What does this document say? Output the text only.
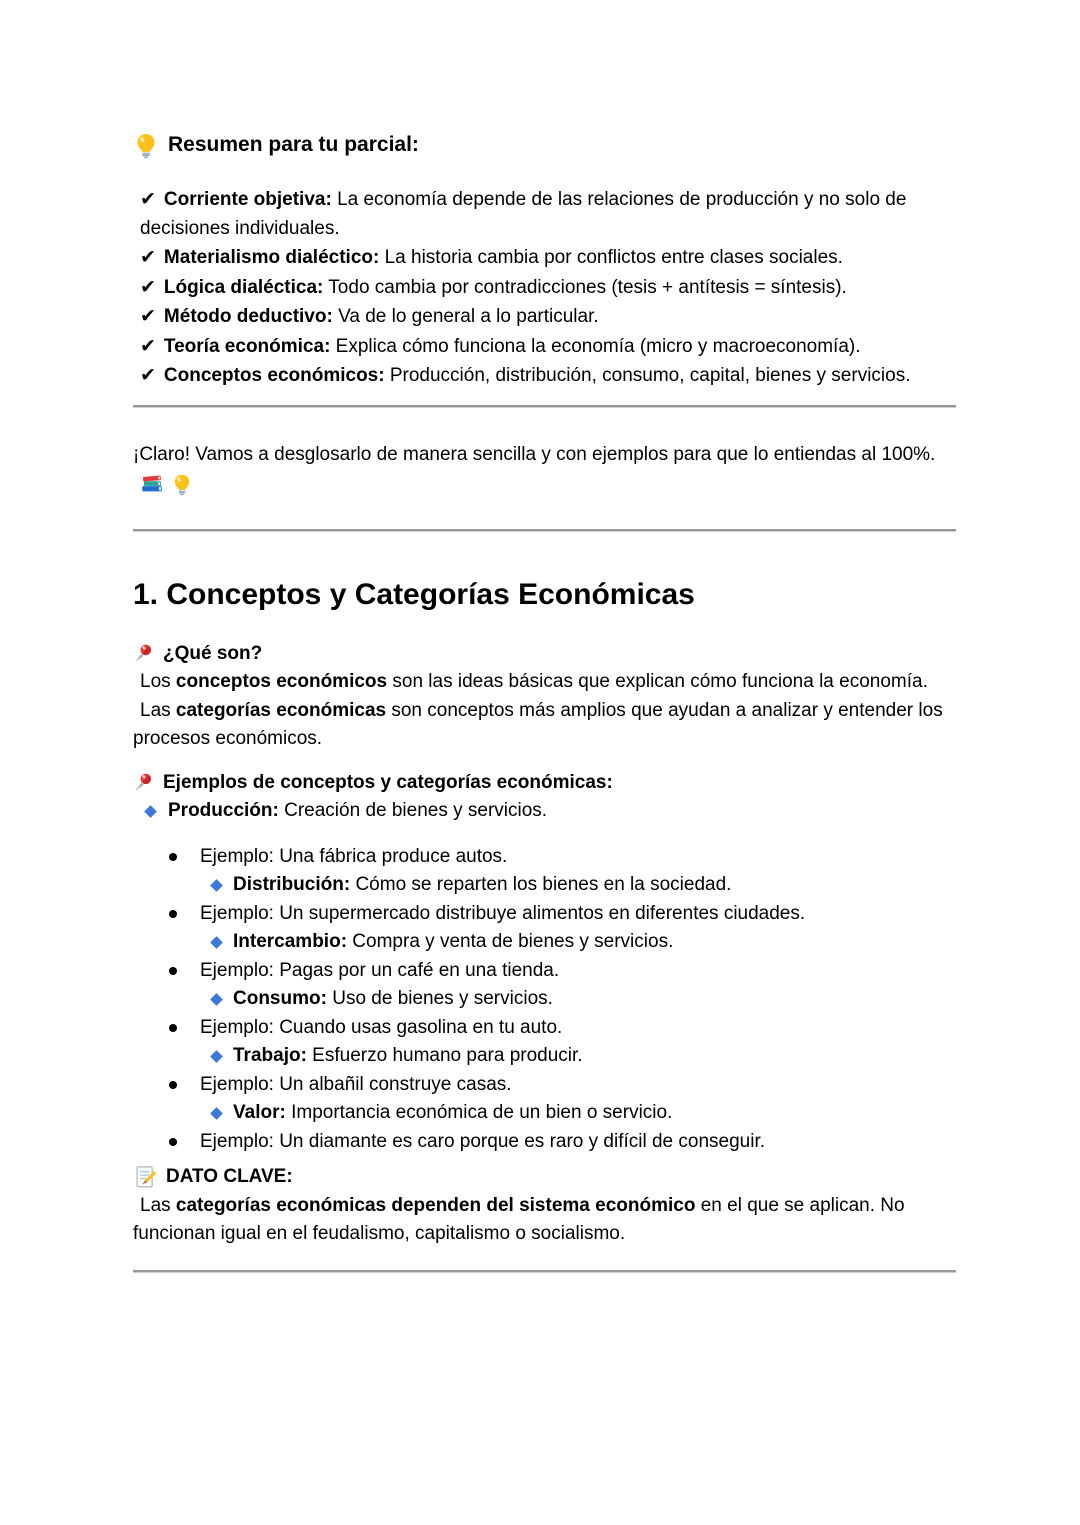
Resumen para tu parcial:
✔ Corriente objetiva: La economía depende de las relaciones de producción y no solo de decisiones individuales.
✔ Materialismo dialéctico: La historia cambia por conflictos entre clases sociales.
✔ Lógica dialéctica: Todo cambia por contradicciones (tesis + antítesis = síntesis).
✔ Método deductivo: Va de lo general a lo particular.
✔ Teoría económica: Explica cómo funciona la economía (micro y macroeconomía).
✔ Conceptos económicos: Producción, distribución, consumo, capital, bienes y servicios.

¡Claro! Vamos a desglosarlo de manera sencilla y con ejemplos para que lo entiendas al 100%.

1. Conceptos y Categorías Económicas
¿Qué son?

Los conceptos económicos son las ideas básicas que explican cómo funciona la economía.

Las categorías económicas son conceptos más amplios que ayudan a analizar y entender los procesos económicos.

Ejemplos de conceptos y categorías económicas:
Producción: Creación de bienes y servicios.
Ejemplo: Una fábrica produce autos.
Distribución: Cómo se reparten los bienes en la sociedad.
Ejemplo: Un supermercado distribuye alimentos en diferentes ciudades.
Intercambio: Compra y venta de bienes y servicios.
Ejemplo: Pagas por un café en una tienda.
Consumo: Uso de bienes y servicios.
Ejemplo: Cuando usas gasolina en tu auto.
Trabajo: Esfuerzo humano para producir.
Ejemplo: Un albañil construye casas.
Valor: Importancia económica de un bien o servicio.
Ejemplo: Un diamante es caro porque es raro y difícil de conseguir.
DATO CLAVE:

Las categorías económicas dependen del sistema económico en el que se aplican. No funcionan igual en el feudalismo, capitalismo o socialismo.
